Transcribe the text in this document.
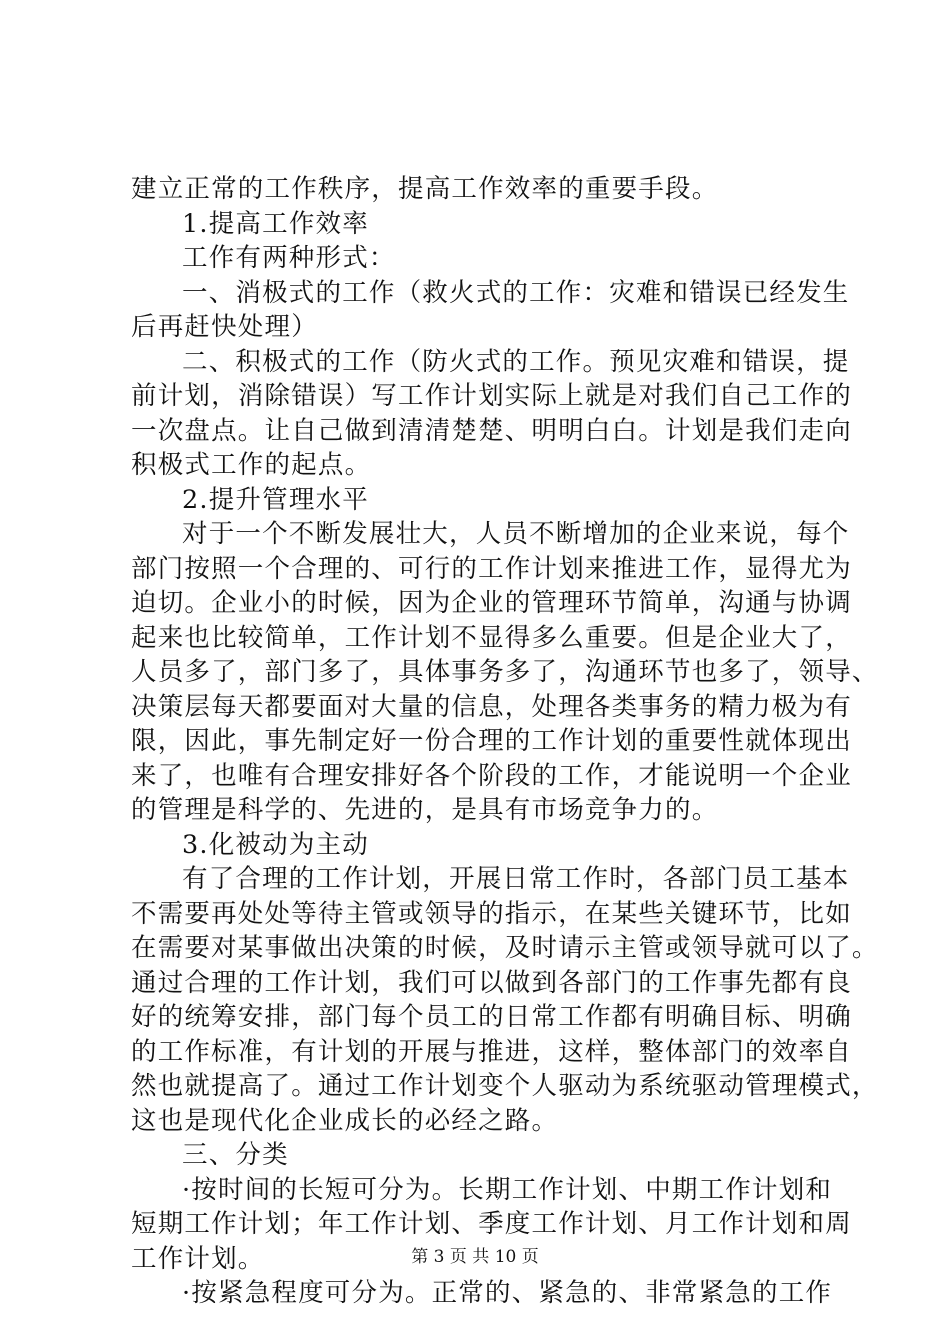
建立正常的工作秩序，提高工作效率的重要手段。
1.提高工作效率
工作有两种形式：
一、消极式的工作（救火式的工作：灾难和错误已经发生
后再赶快处理）
二、积极式的工作（防火式的工作。预见灾难和错误，提
前计划，消除错误）写工作计划实际上就是对我们自己工作的
一次盘点。让自己做到清清楚楚、明明白白。计划是我们走向
积极式工作的起点。
2.提升管理水平
对于一个不断发展壮大，人员不断增加的企业来说，每个
部门按照一个合理的、可行的工作计划来推进工作，显得尤为
迫切。企业小的时候，因为企业的管理环节简单，沟通与协调
起来也比较简单，工作计划不显得多么重要。但是企业大了，
人员多了，部门多了，具体事务多了，沟通环节也多了，领导、
决策层每天都要面对大量的信息，处理各类事务的精力极为有
限，因此，事先制定好一份合理的工作计划的重要性就体现出
来了，也唯有合理安排好各个阶段的工作，才能说明一个企业
的管理是科学的、先进的，是具有市场竞争力的。
3.化被动为主动
有了合理的工作计划，开展日常工作时，各部门员工基本
不需要再处处等待主管或领导的指示，在某些关键环节，比如
在需要对某事做出决策的时候，及时请示主管或领导就可以了。
通过合理的工作计划，我们可以做到各部门的工作事先都有良
好的统筹安排，部门每个员工的日常工作都有明确目标、明确
的工作标准，有计划的开展与推进，这样，整体部门的效率自
然也就提高了。通过工作计划变个人驱动为系统驱动管理模式，
这也是现代化企业成长的必经之路。
三、分类
·按时间的长短可分为。长期工作计划、中期工作计划和
短期工作计划；年工作计划、季度工作计划、月工作计划和周
工作计划。
·按紧急程度可分为。正常的、紧急的、非常紧急的工作
第 3 页 共 10 页
